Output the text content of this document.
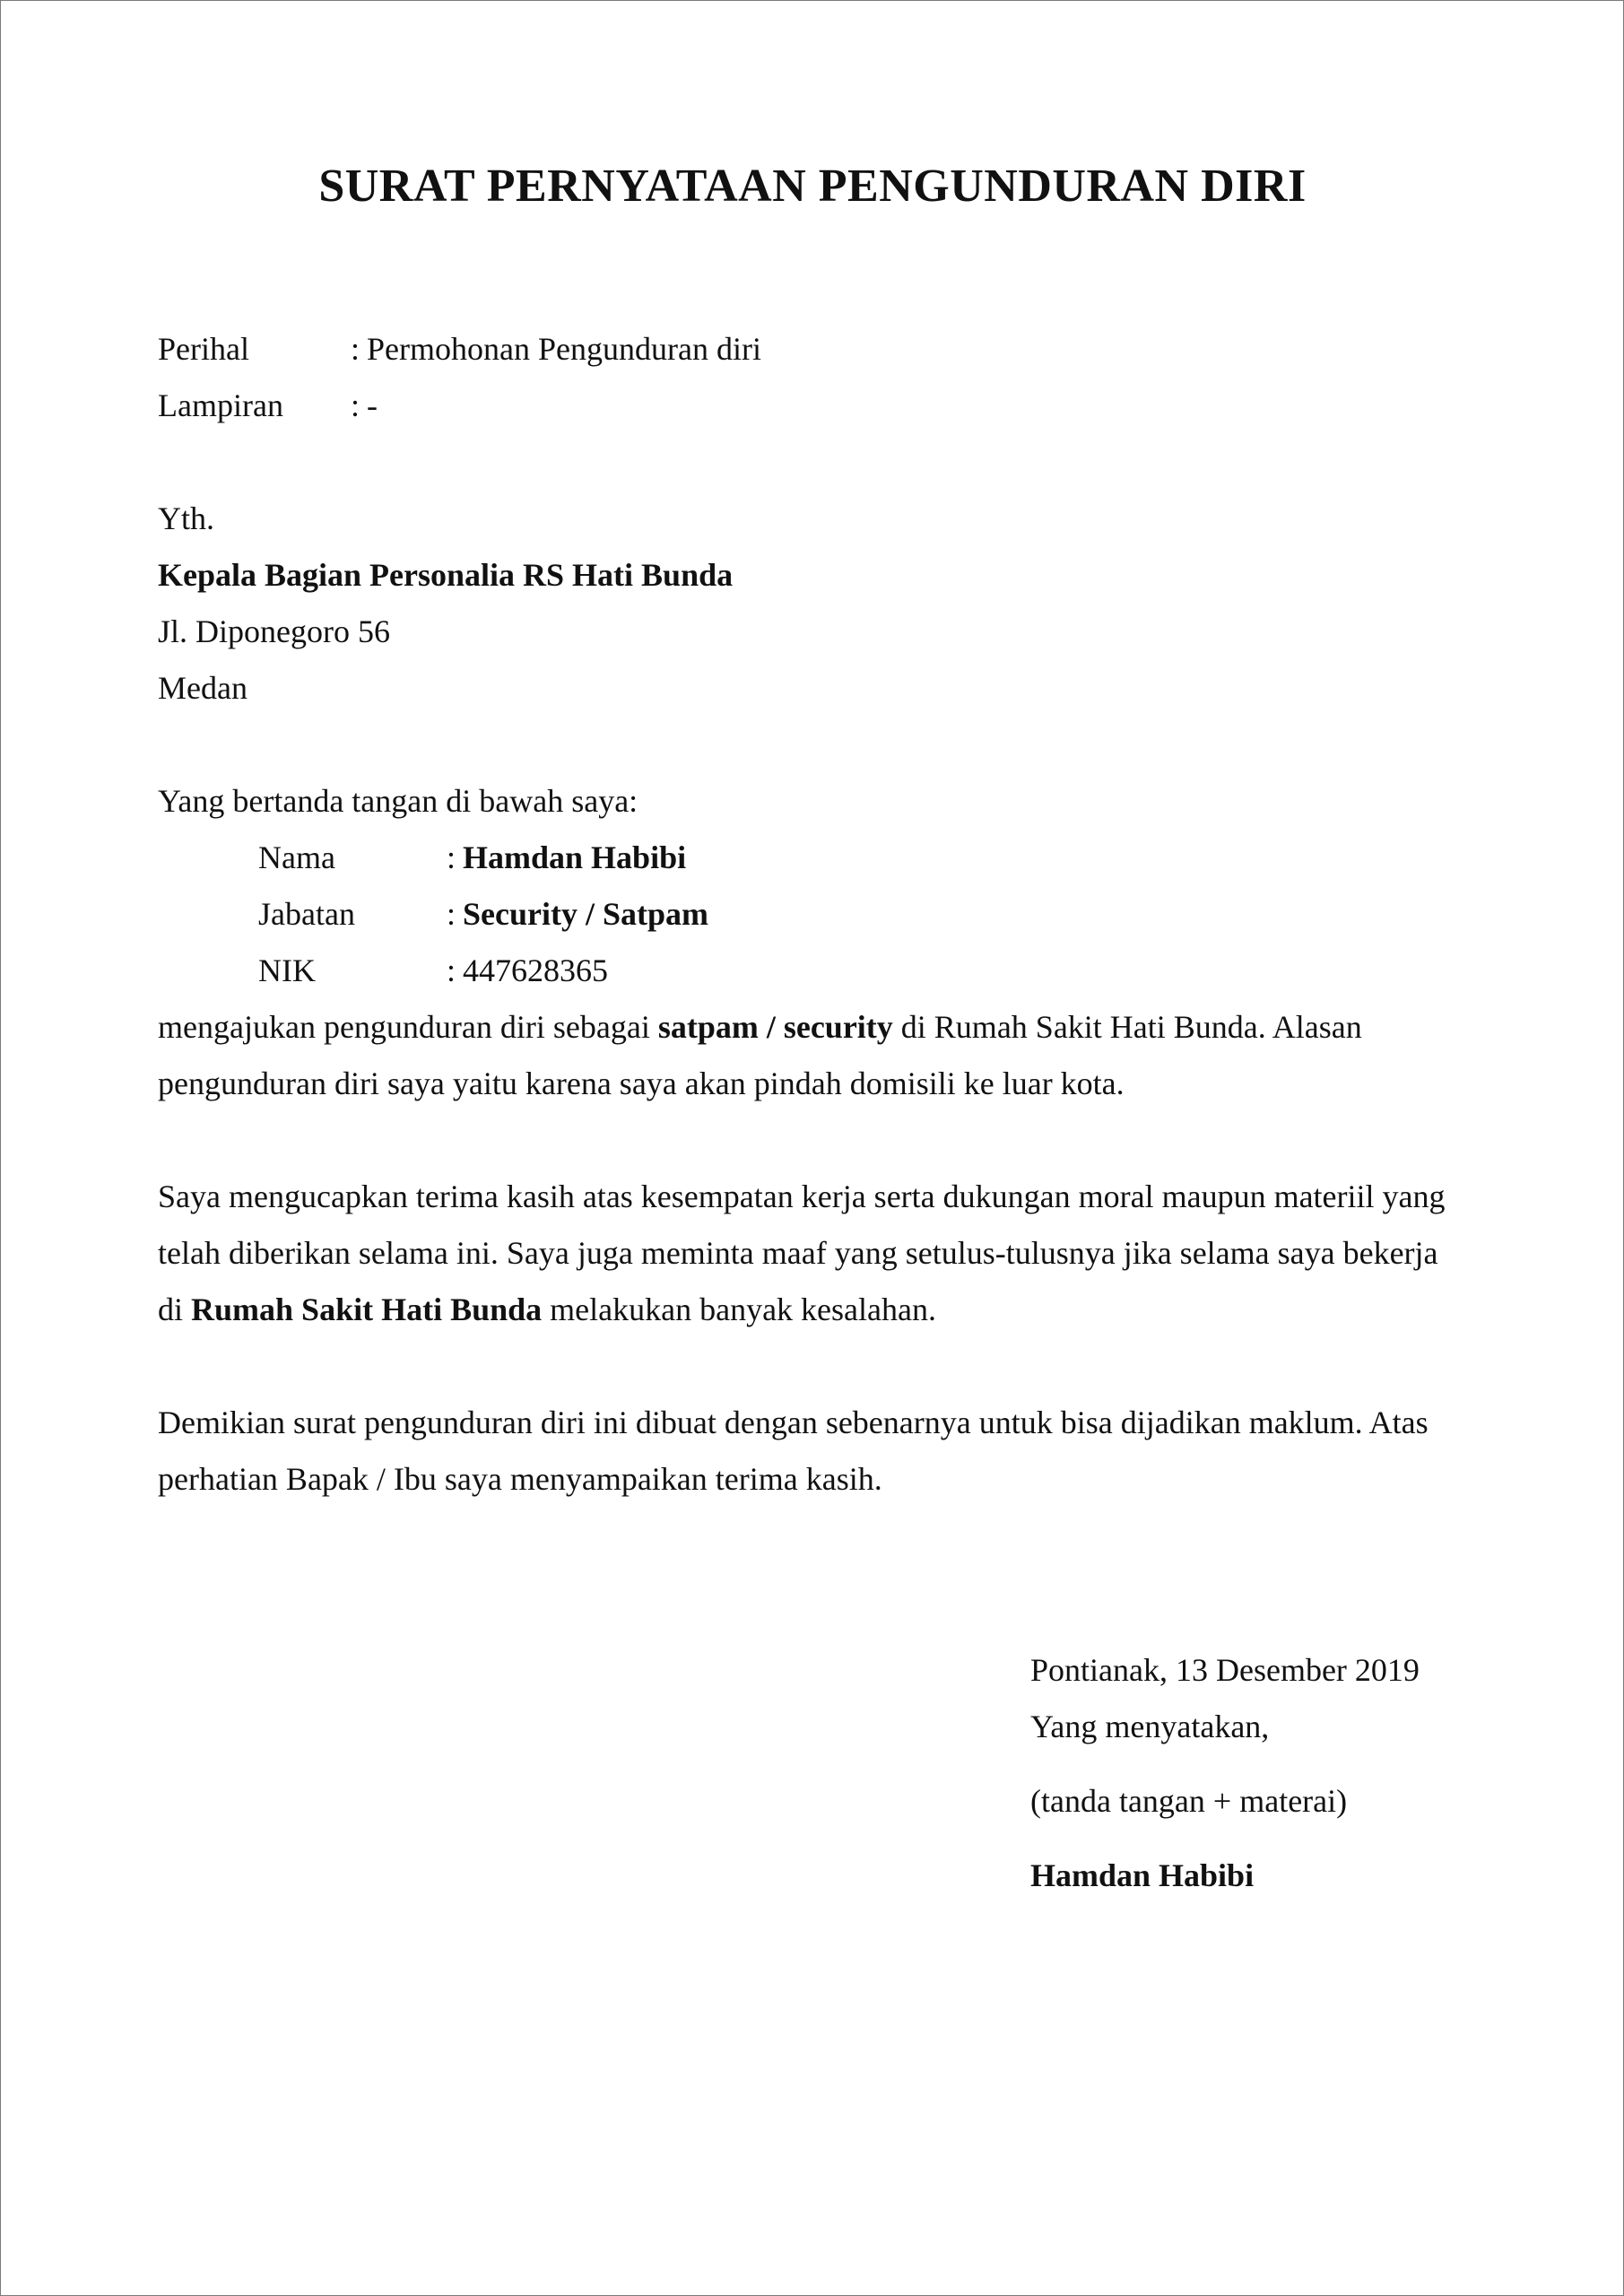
SURAT PERNYATAAN PENGUNDURAN DIRI
Perihal	: Permohonan Pengunduran diri
Lampiran	: -
Yth.
Kepala Bagian Personalia RS Hati Bunda
Jl. Diponegoro 56
Medan
Yang bertanda tangan di bawah saya:
Nama	: Hamdan Habibi
Jabatan	: Security / Satpam
NIK	: 447628365

mengajukan pengunduran diri sebagai satpam / security di Rumah Sakit Hati Bunda. Alasan pengunduran diri saya yaitu karena saya akan pindah domisili ke luar kota.

Saya mengucapkan terima kasih atas kesempatan kerja serta dukungan moral maupun materiil yang telah diberikan selama ini. Saya juga meminta maaf yang setulus-tulusnya jika selama saya bekerja di Rumah Sakit Hati Bunda melakukan banyak kesalahan.

Demikian surat pengunduran diri ini dibuat dengan sebenarnya untuk bisa dijadikan maklum. Atas perhatian Bapak / Ibu saya menyampaikan terima kasih.

Pontianak, 13 Desember 2019
Yang menyatakan,
(tanda tangan + materai)
Hamdan Habibi
